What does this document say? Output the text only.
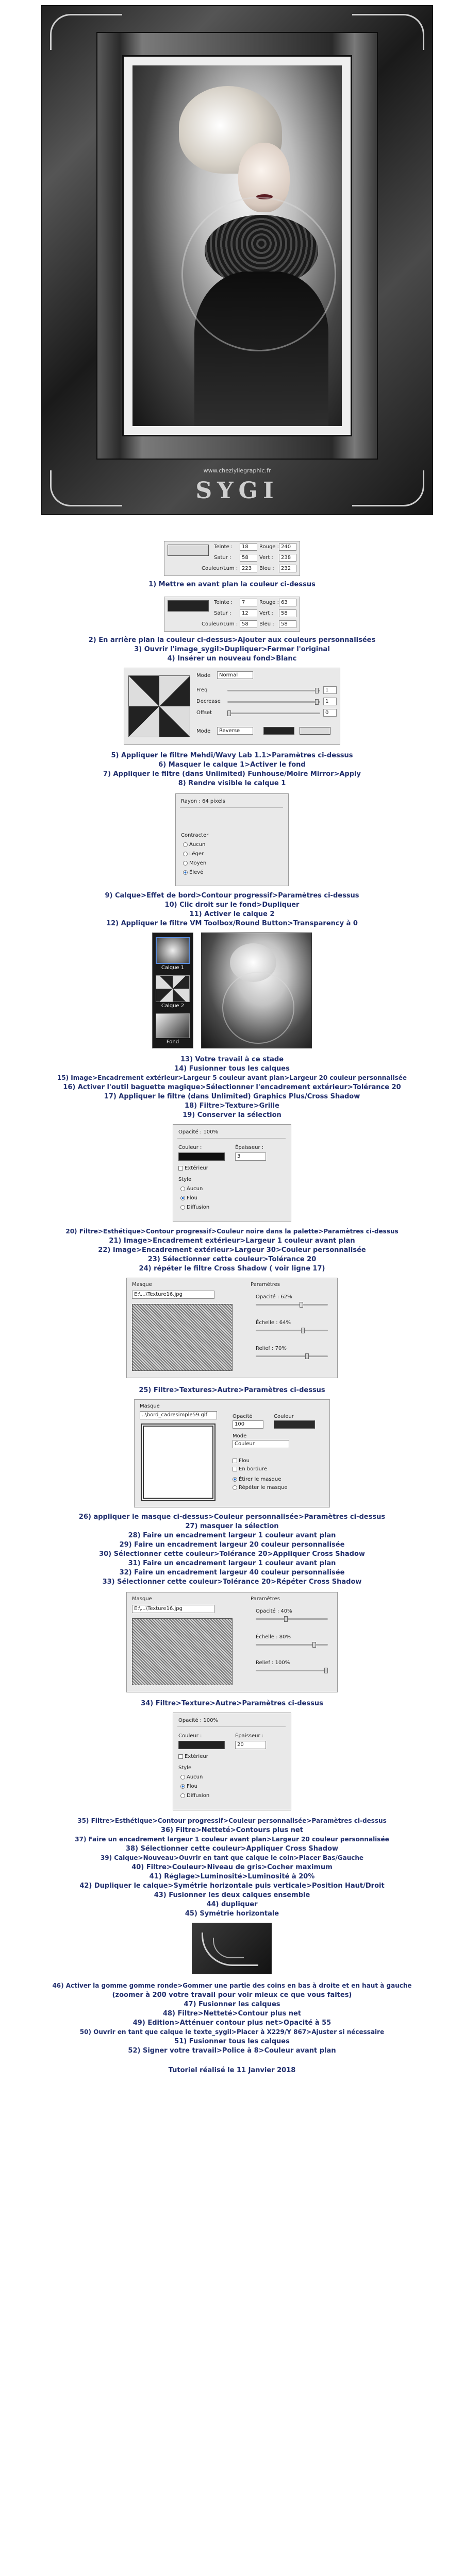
www.chezlyliegraphic.fr
SYGI
Teinte :	18	Rouge : 240
Satur :	58	Vert :	238
Couleur/Lum : 223	Bleu :	232
1) Mettre en avant plan la couleur ci-dessus
Teinte :	7	Rouge : 63
Satur :	12	Vert :	58
Couleur/Lum : 58	Bleu :	58
2) En arrière plan la couleur ci-dessus>Ajouter aux couleurs personnalisées
3) Ouvrir l'image_sygil>Dupliquer>Fermer l'original
4) Insérer un nouveau fond>Blanc
Mode	Normal
Freq	1
Decrease	1
Offset	0
Mode	Reverse
5) Appliquer le filtre Mehdi/Wavy Lab 1.1>Paramètres ci-dessus
6) Masquer le calque 1>Activer le fond
7) Appliquer le filtre (dans Unlimited) Funhouse/Moire Mirror>Apply
8) Rendre visible le calque 1
Rayon : 64 pixels
Contracter
Aucun
Léger
Moyen
Élevé
9) Calque>Effet de bord>Contour progressif>Paramètres ci-dessus
10) Clic droit sur le fond>Dupliquer
11) Activer le calque 2
12) Appliquer le filtre VM Toolbox/Round Button>Transparency à 0
Calque 1
Calque 2
Fond
13) Votre travail à ce stade
14) Fusionner tous les calques
15) Image>Encadrement extérieur>Largeur 5 couleur avant plan>Largeur 20 couleur personnalisée
16) Activer l'outil baguette magique>Sélectionner l'encadrement extérieur>Tolérance 20
17) Appliquer le filtre (dans Unlimited) Graphics Plus/Cross Shadow
18) Filtre>Texture>Grille
19) Conserver la sélection
Opacité : 100%
Couleur :	Épaisseur :
3
Extérieur
Style
Aucun
Flou
Diffusion
20) Filtre>Esthétique>Contour progressif>Couleur noire dans la palette>Paramètres ci-dessus
21) Image>Encadrement extérieur>Largeur 1 couleur avant plan
22) Image>Encadrement extérieur>Largeur 30>Couleur personnalisée
23) Sélectionner cette couleur>Tolérance 20
24) répéter le filtre Cross Shadow ( voir ligne 17)
Masque
E:\...\Texture16.jpg
Paramètres
Opacité : 62%
Échelle : 64%
Relief : 70%
25) Filtre>Textures>Autre>Paramètres ci-dessus
Masque
..\bord_cadresimple59.gif	Opacité
100
Couleur
Mode
Couleur
Flou
En bordure
Étirer le masque
Répéter le masque
26) appliquer le masque ci-dessus>Couleur personnalisée>Paramètres ci-dessus
27) masquer la sélection
28) Faire un encadrement largeur 1 couleur avant plan
29) Faire un encadrement largeur 20 couleur personnalisée
30) Sélectionner cette couleur>Tolérance 20>Appliquer Cross Shadow
31) Faire un encadrement largeur 1 couleur avant plan
32) Faire un encadrement largeur 40 couleur personnalisée
33) Sélectionner cette couleur>Tolérance 20>Répéter Cross Shadow
Masque
E:\...\Texture16.jpg
Paramètres
Opacité : 40%
Échelle : 80%
Relief : 100%
34) Filtre>Texture>Autre>Paramètres ci-dessus
Opacité : 100%
Couleur :	Épaisseur :
20
Extérieur
Style
Aucun
Flou
Diffusion
35) Filtre>Esthétique>Contour progressif>Couleur personnalisée>Paramètres ci-dessus
36) Filtre>Netteté>Contours plus net
37) Faire un encadrement largeur 1 couleur avant plan>Largeur 20 couleur personnalisée
38) Sélectionner cette couleur>Appliquer Cross Shadow
39) Calque>Nouveau>Ouvrir en tant que calque le coin>Placer Bas/Gauche
40) Filtre>Couleur>Niveau de gris>Cocher maximum
41) Réglage>Luminosité>Luminosité à 20%
42) Dupliquer le calque>Symétrie horizontale puis verticale>Position Haut/Droit
43) Fusionner les deux calques ensemble
44) dupliquer
45) Symétrie horizontale
46) Activer la gomme gomme ronde>Gommer une partie des coins en bas à droite et en haut à gauche
(zoomer à 200 votre travail pour voir mieux ce que vous faites)
47) Fusionner les calques
48) Filtre>Netteté>Contour plus net
49) Edition>Atténuer contour plus net>Opacité à 55
50) Ouvrir en tant que calque le texte_sygil>Placer à X229/Y 867>Ajuster si nécessaire
51) Fusionner tous les calques
52) Signer votre travail>Police à 8>Couleur avant plan
Tutoriel réalisé le 11 Janvier 2018
